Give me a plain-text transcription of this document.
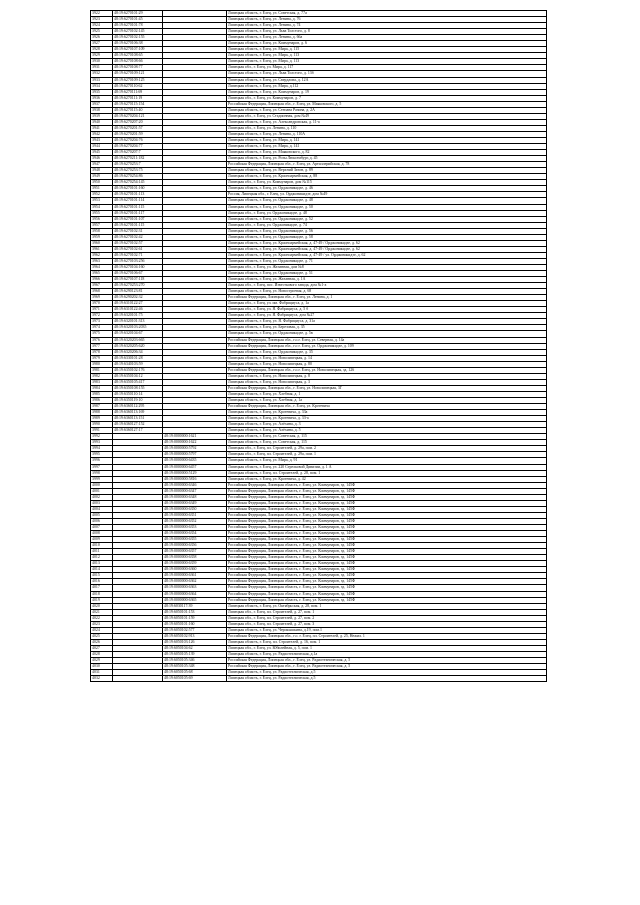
3922	48:19:6270101:29		Липецкая область, г. Елец, ул. Советская, д. 77а
3923	48:19:6270101:45		Липецкая область, г. Елец, ул. Ленина, д. 76
3924	48:19:6270101:78		Липецкая область, г. Елец, ул. Ленина, д. 74
3925	48:19:6270102:145		Липецкая область, г. Елец, ул. Льва Толстого, д. 8
3926	48:19:6270102:155		Липецкая область, г. Елец, ул. Ленина, д. 66а
3927	48:19:6270106:38		Липецкая область, г. Елец, ул. Коммунаров, д. 6
3928	48:19:6270107:109		Липецкая область, г. Елец, ул. Мира, д. 115
3929	48:19:6270108:65		Липецкая область, г. Елец, ул. Мира, д. 113
3930	48:19:6270108:66		Липецкая область, г. Елец, ул. Мира, д. 113
3931	48:19:6270108:77		Липецкая обл., г. Елец, ул. Мира, д. 117
3932	48:19:6270109:121		Липецкая область, г. Елец, ул. Льва Толстого, д. 13б
3933	48:19:6270109:125		Липецкая область, г. Елец, ул. Свердлова, д. 12А
3934	48:19:6270110:62		Липецкая область, г. Елец, ул. Мира, д.112
3935	48:19:6270111:69		Липецкая область, г. Елец, ул. Коммунаров, д. 19
3936	48:19:6270111:19		Липецкая обл., г. Елец, ул. Коммунаров, д. 7
3937	48:19:6270115:154		Российская Федерация, Липецкая обл., г. Елец, ул. Маяковского, д. 5
3938	48:19:6270115:40		Липецкая область, г. Елец, ул. Степана Разина, д. 2А
3939	48:19:6270204:121		Липецкая обл., г. Елец, ул. Стадионная, дом №49
3940	48:19:6270207:20		Липецкая область, г. Елец, ул. Александровская, д. 11-а
3941	48:19:6270201:57		Липецкая обл., г. Елец, ул. Ленина, д. 110
3942	48:19:6270201:59		Липецкая область, г. Елец, ул. Ленина, д. 110А
3943	48:19:6270204:76		Липецкая область, г. Елец, ул. Мира, д. 141
3944	48:19:6270204:77		Липецкая область, г. Елец, ул. Мира, д. 141
3945	48:19:6270207:7		Липецкая область, г. Елец, ул. Маяковского, д. 82
3946	48:19:6270211:182		Липецкая область, г. Елец, ул. Розы Люксембург, д. 45
3947	48:19:6270253:7		Российская Федерация, Липецкая обл., г. Елец, ул. Артиллерийская, д. 78
3948	48:19:6270253:75		Липецкая область, г. Елец, ул. Верхний Затон, д. 89
3949	48:19:6270254:86		Липецкая область, г. Елец, ул. Красноармейская, д. 88
3950	48:19:6270254:145		Липецкая обл., г. Елец, ул. Коммунаров, дом №115
3951	48:19:6270101:160		Липецкая область, г. Елец, ул. Орджоникидзе, д. 46
3952	48:19:6270101:113		Россия, Липецкая обл., г. Елец, ул. Орджоникидзе, дом №49
3953	48:19:6270101:114		Липецкая область, г. Елец, ул. Орджоникидзе, д. 48
3954	48:19:6270101:115		Липецкая область, г. Елец, ул. Орджоникидзе, д. 50
3955	48:19:6270101:117		Липецкая обл., г. Елец, ул. Орджоникидзе, д. 48
3956	48:19:6270101:107		Липецкая область, г. Елец, ул. Орджоникидзе, д. 52
3957	48:19:6270101:115		Липецкая обл., г. Елец, ул. Орджоникидзе, д. 74
3958	48:19:6270102:31		Липецкая область, г. Елец, ул. Орджоникидзе, д. 56
3959	48:19:6270102:42		Липецкая область, г. Елец, ул. Орджоникидзе, д. 58
3960	48:19:6270102:57		Липецкая область, г. Елец, ул. Красноармейская, д. 47-49 / Орджоникидзе, д. 62
3961	48:19:6270102:61		Липецкая область, г. Елец, ул. Красноармейская, д. 47-49 / Орджоникидзе, д. 62
3962	48:19:6270102:71		Липецкая область, г. Елец, ул. Красноармейская, д. 47-49 / ул. Орджоникидзе, д. 62
3963	48:19:6270103:256		Липецкая область, г. Елец, ул. Орджоникидзе, д. 71
3964	48:19:6270104:160		Липецкая обл., г. Елец, ул. Желанная, дом №8
3965	48:19:6270106:67		Липецкая область, г. Елец, ул. Орджоникидзе, д. 51
3966	48:19:6270107:118		Липецкая область, г. Елец, ул. Желанная, д. 1А
3967	48:19:6270253:270		Липецкая обл., г. Елец, пос. Известкового завода, дом №1-а
3968	48:19:6290123:81		Липецкая область, г. Елец, ул. Новостроевая, д. 68
3969	48:19:6290202:32		Российская Федерация, Липецкая обл., г. Елец, ул. Ленина, д. 1
3970	48:19:6310122:27		Липецкая обл., г. Елец, ул. им. Фабрициуса, д. 1а
3971	48:19:6310122:46		Липецкая обл., г. Елец, ул. Я. Фабрициуса, д. 5 б
3972	48:19:6320101:75		Липецкая обл., г. Елец, ул. Я. Фабрициуса, дом №27
3973	48:19:6320101:313		Липецкая область, г. Елец, ул. Я. Фабрициуса, д. 31а
3974	48:19:6320103:2035		Липецкая область, г. Елец, ул. Березовая, д. 35
3975	48:19:6320104:67		Липецкая область, г. Елец, ул. Орджоникидзе, д. 5в
3976	48:19:6320203:665		Российская Федерация, Липецкая обл., г.о.г. Елец, ул. Северная, д. 14а
3977	48:19:6320205:620		Российская Федерация, Липецкая обл., г.о г. Елец, ул. Орджоникидзе, д. 109
3978	48:19:6320206:34		Липецкая область, г. Елец, ул. Орджоникидзе, д. 35
3979	48:19:6330101:28		Липецкая область, г. Елец, ул. Новолипецкая, д. 14
3980	48:19:6340103:59		Липецкая область, г. Елец, ул. Новолипецкая, д. 80
3981	48:19:6350102:176		Российская Федерация, Липецкая обл., г.о.г. Елец, ул. Новолипецкая, зд. 126
3982	48:19:6350104:12		Липецкая область, г. Елец, ул. Новолипецкая, д. 8
3983	48:19:6350105:417		Липецкая область, г. Елец, ул. Новолипецкая, д. 3
3984	48:19:6350108:155		Российская Федерация, Липецкая обл., г. Елец, ул. Новолипецкая, 3Г
3985	48:19:6350110:14		Липецкая область, г. Елец, ул. Хлебная, д. 1
3986	48:19:6350119:10		Липецкая область, г. Елец, ул. Хлебная, д. 1а
3987	48:19:6360112:295		Российская Федерация, Липецкая обл., г. Елец, ул. Кротевича
3988	48:19:6360113:169		Липецкая область, г. Елец, ул. Кротевича, д. 33а
3989	48:19:6360113:151		Липецкая область, г. Елец, ул. Кротевича, д. 33-а
3990	48:19:6360127:152		Липецкая область, г. Елец, ул. Алёхина, д. 3
3991	48:19:6360127:17		Липецкая область, г. Елец, ул. Алёхина, д. 5
3992		48:19:0000000:1621	Липецкая область, г. Елец, ул. Советская, д. 115
3993		48:19:0000000:1622	Липецкая область, г. Елец, ул. Советская, д. 115
3994		48:19:0000000:5792	Липецкая обл., г. Елец, пл. Строителей, д. 29а, пом. 2
3995		48:19:0000000:5797	Липецкая обл., г. Елец, пл. Строителей, д. 29а, пом. 1
3996		48:19:0000000:6435	Липецкая область, г. Елец, ул. Мира, д. 91
3997		48:19:0000000:6457	Липецкая область, г. Елец, ул. 220 Стрелковой Дивизии, д. 1 А
3998		48:19:0000000:5129	Липецкая область, г. Елец, пл. Строителей, д. 28, пом. 1
3999		48:19:0000000:5816	Липецкая область, г. Елец, ул. Кротевича, д. 42
4000		48:19:0000000:6346	Российская Федерация, Липецкая область, г. Елец, ул. Коммунаров, зд. 145Ф
4001		48:19:0000000:6347	Российская Федерация, Липецкая область, г. Елец, ул. Коммунаров, зд. 145Ф
4002		48:19:0000000:6348	Российская Федерация, Липецкая область, г. Елец, ул. Коммунаров, зд. 145Ф
4003		48:19:0000000:6349	Российская Федерация, Липецкая область, г. Елец, ул. Коммунаров, зд. 145Ф
4004		48:19:0000000:6350	Российская Федерация, Липецкая область, г. Елец, ул. Коммунаров, зд. 145Ф
4005		48:19:0000000:6351	Российская Федерация, Липецкая область, г. Елец, ул. Коммунаров, зд. 145Ф
4006		48:19:0000000:6352	Российская Федерация, Липецкая область, г. Елец, ул. Коммунаров, зд. 145Ф
4007		48:19:0000000:6353	Российская Федерация, Липецкая область, г. Елец, ул. Коммунаров, зд. 145Ф
4008		48:19:0000000:6354	Российская Федерация, Липецкая область, г. Елец, ул. Коммунаров, зд. 145Ф
4009		48:19:0000000:6355	Российская Федерация, Липецкая область, г. Елец, ул. Коммунаров, зд. 145Ф
4010		48:19:0000000:6356	Российская Федерация, Липецкая область, г. Елец, ул. Коммунаров, зд. 145Ф
4011		48:19:0000000:6357	Российская Федерация, Липецкая область, г. Елец, ул. Коммунаров, зд. 145Ф
4012		48:19:0000000:6358	Российская Федерация, Липецкая область, г. Елец, ул. Коммунаров, зд. 145Ф
4013		48:19:0000000:6359	Российская Федерация, Липецкая область, г. Елец, ул. Коммунаров, зд. 145Ф
4014		48:19:0000000:6360	Российская Федерация, Липецкая область, г. Елец, ул. Коммунаров, зд. 145Ф
4015		48:19:0000000:6361	Российская Федерация, Липецкая область, г. Елец, ул. Коммунаров, зд. 145Ф
4016		48:19:0000000:6362	Российская Федерация, Липецкая область, г. Елец, ул. Коммунаров, зд. 145Ф
4017		48:19:0000000:6363	Российская Федерация, Липецкая область, г. Елец, ул. Коммунаров, зд. 145Ф
4018		48:19:0000000:6364	Российская Федерация, Липецкая область, г. Елец, ул. Коммунаров, зд. 145Ф
4019		48:19:0000000:6365	Российская Федерация, Липецкая область, г. Елец, ул. Коммунаров, зд. 145Ф
4020		48:19:6030117:39	Липецкая область, г. Елец, ул. Октябрьская, д. 28, пом. 1
4021		48:19:6050101:153	Липецкая обл., г. Елец, пл. Строителей, д. 27, пом. 1
4022		48:19:6050101:159	Липецкая обл., г. Елец, пл. Строителей, д. 27, пом. 2
4023		48:19:6050101:160	Липецкая обл., г. Елец, пл. Строителей, д. 27, пом. 3
4024		48:19:6050102:577	Липецкая область, г. Елец, ул. Черокышкина, д.19, пом.1
4025		48:19:6050102:913	Российская Федерация, Липецкая обл., г.о. г. Елец, пл. Строителей, д. 25, Нежил. 1
4026		48:19:6050103:126	Липецкая область, г. Елец, пл. Строителей, д. 16, пом. 1
4027		48:19:6050104:62	Липецкая обл., г. Елец, ул. Юбилейная, д. 5, пом. 1
4028		48:19:6050105:139	Липецкая область, г. Елец, ул. Радиотехническая, д.1а
4029		48:19:6050105:346	Российская Федерация, Липецкая обл., г. Елец, ул. Радиотехническая, д. 5
4030		48:19:6050105:348	Российская Федерация, Липецкая обл., г. Елец, ул. Радиотехническая, д. 5
4031		48:19:6050105:68	Липецкая область, г. Елец, ул. Радиотехническая, д.5
4032		48:19:6050105:69	Липецкая область, г. Елец, ул. Радиотехническая, д.5
